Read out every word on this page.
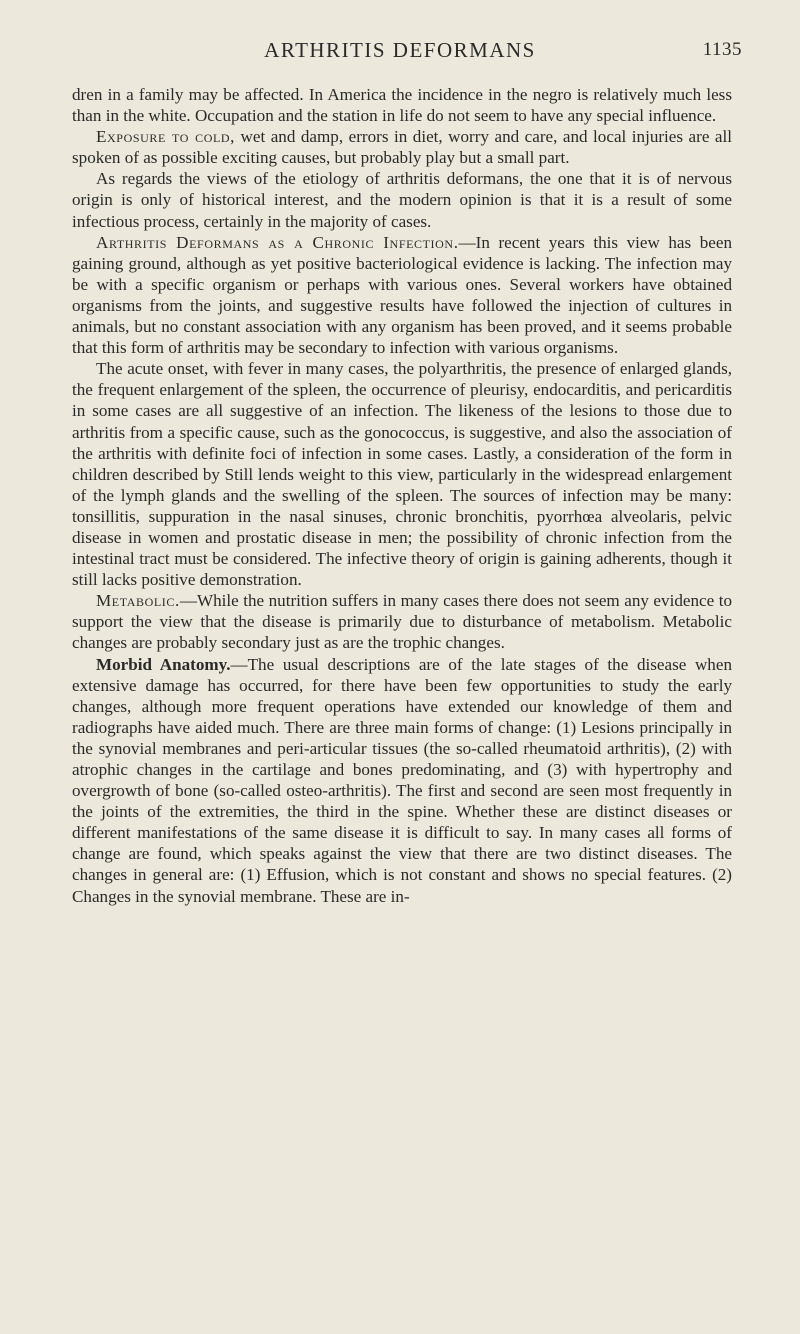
ARTHRITIS DEFORMANS	1135

dren in a family may be affected. In America the incidence in the negro is relatively much less than in the white. Occupation and the station in life do not seem to have any special influence.

Exposure to cold, wet and damp, errors in diet, worry and care, and local injuries are all spoken of as possible exciting causes, but probably play but a small part.

As regards the views of the etiology of arthritis deformans, the one that it is of nervous origin is only of historical interest, and the modern opinion is that it is a result of some infectious process, certainly in the majority of cases.

Arthritis Deformans as a Chronic Infection.—In recent years this view has been gaining ground, although as yet positive bacteriological evidence is lacking. The infection may be with a specific organism or perhaps with various ones. Several workers have obtained organisms from the joints, and suggestive results have followed the injection of cultures in animals, but no constant association with any organism has been proved, and it seems probable that this form of arthritis may be secondary to infection with various organisms.

The acute onset, with fever in many cases, the polyarthritis, the presence of enlarged glands, the frequent enlargement of the spleen, the occurrence of pleurisy, endocarditis, and pericarditis in some cases are all suggestive of an infection. The likeness of the lesions to those due to arthritis from a specific cause, such as the gonococcus, is suggestive, and also the association of the arthritis with definite foci of infection in some cases. Lastly, a consideration of the form in children described by Still lends weight to this view, particularly in the widespread enlargement of the lymph glands and the swelling of the spleen. The sources of infection may be many: tonsillitis, suppuration in the nasal sinuses, chronic bronchitis, pyorrhœa alveolaris, pelvic disease in women and prostatic disease in men; the possibility of chronic infection from the intestinal tract must be considered. The infective theory of origin is gaining adherents, though it still lacks positive demonstration.

Metabolic.—While the nutrition suffers in many cases there does not seem any evidence to support the view that the disease is primarily due to disturbance of metabolism. Metabolic changes are probably secondary just as are the trophic changes.

Morbid Anatomy.—The usual descriptions are of the late stages of the disease when extensive damage has occurred, for there have been few opportunities to study the early changes, although more frequent operations have extended our knowledge of them and radiographs have aided much. There are three main forms of change: (1) Lesions principally in the synovial membranes and peri-articular tissues (the so-called rheumatoid arthritis), (2) with atrophic changes in the cartilage and bones predominating, and (3) with hypertrophy and overgrowth of bone (so-called osteo-arthritis). The first and second are seen most frequently in the joints of the extremities, the third in the spine. Whether these are distinct diseases or different manifestations of the same disease it is difficult to say. In many cases all forms of change are found, which speaks against the view that there are two distinct diseases. The changes in general are: (1) Effusion, which is not constant and shows no special features. (2) Changes in the synovial membrane. These are in-
